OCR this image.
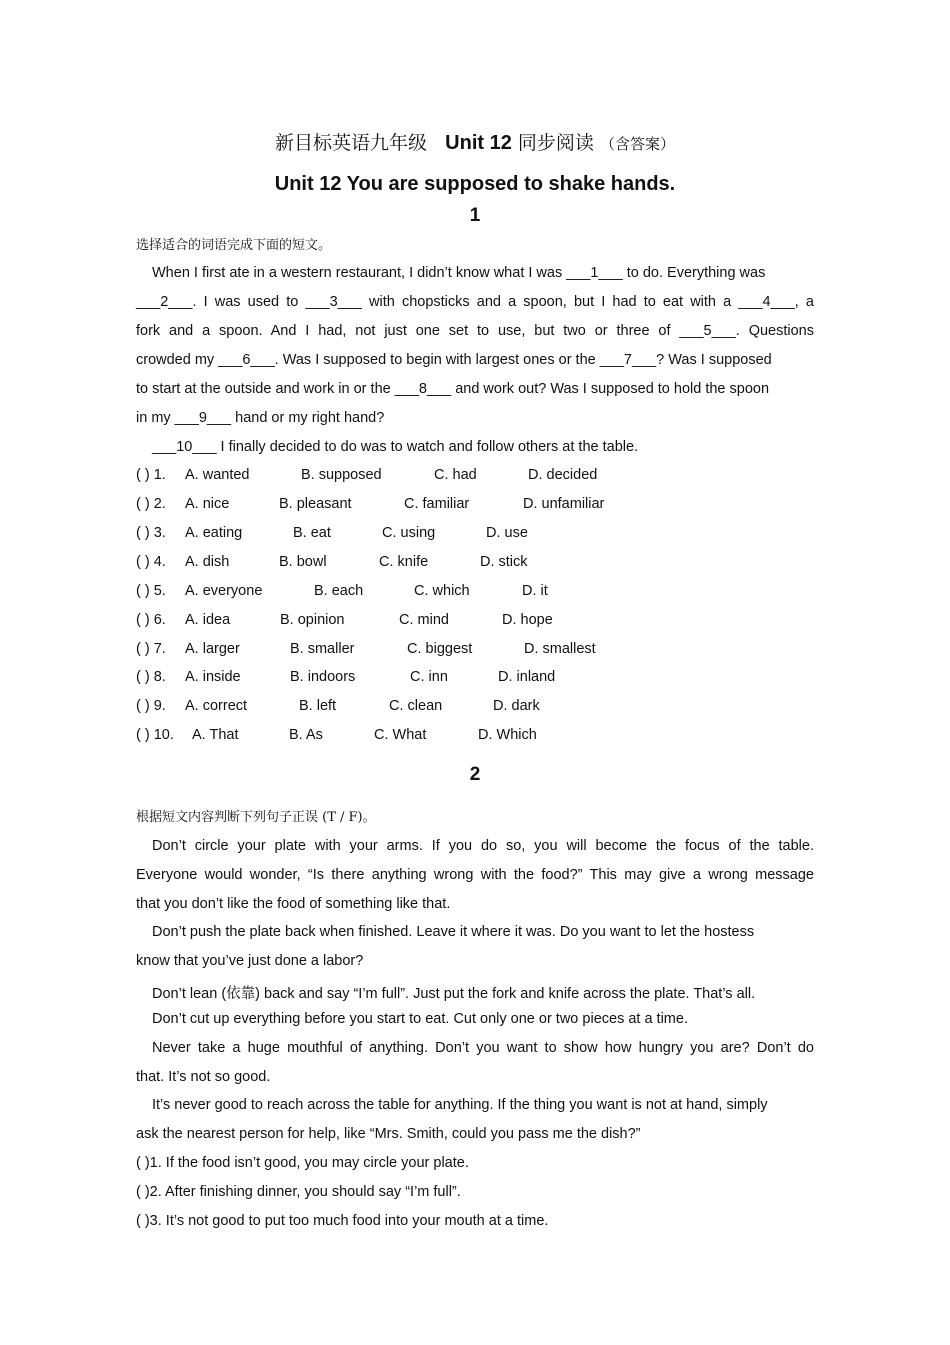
新目标英语九年级 Unit 12 同步阅读 （含答案）
Unit 12 You are supposed to shake hands.
1
选择适合的词语完成下面的短文。
When I first ate in a western restaurant, I didn’t know what I was ___1___ to do. Everything was
___2___. I was used to ___3___ with chopsticks and a spoon, but I had to eat with a ___4___, a
fork and a spoon. And I had, not just one set to use, but two or three of ___5___. Questions
crowded my ___6___. Was I supposed to begin with largest ones or the ___7___? Was I supposed
to start at the outside and work in or the ___8___ and work out? Was I supposed to hold the spoon
in my ___9___ hand or my right hand?
___10___ I finally decided to do was to watch and follow others at the table.
( ) 1. A. wanted	B. supposed	C. had	D. decided
( ) 2. A. nice	B. pleasant	C. familiar	D. unfamiliar
( ) 3. A. eating	B. eat	C. using	D. use
( ) 4. A. dish	B. bowl	C. knife	D. stick
( ) 5. A. everyone	B. each	C. which	D. it
( ) 6. A. idea	B. opinion	C. mind	D. hope
( ) 7. A. larger	B. smaller	C. biggest	D. smallest
( ) 8. A. inside	B. indoors	C. inn	D. inland
( ) 9. A. correct	B. left	C. clean	D. dark
( ) 10. A. That	B. As	C. What	D. Which
2
根据短文内容判断下列句子正误 (T / F)。
Don’t circle your plate with your arms. If you do so, you will become the focus of the table.
Everyone would wonder, “Is there anything wrong with the food?” This may give a wrong message
that you don’t like the food of something like that.
Don’t push the plate back when finished. Leave it where it was. Do you want to let the hostess
know that you’ve just done a labor?
Don’t lean (依靠) back and say “I’m full”. Just put the fork and knife across the plate. That’s all.
Don’t cut up everything before you start to eat. Cut only one or two pieces at a time.
Never take a huge mouthful of anything. Don’t you want to show how hungry you are? Don’t do
that. It’s not so good.
It’s never good to reach across the table for anything. If the thing you want is not at hand, simply
ask the nearest person for help, like “Mrs. Smith, could you pass me the dish?”
( )1. If the food isn’t good, you may circle your plate.
( )2. After finishing dinner, you should say “I’m full”.
( )3. It’s not good to put too much food into your mouth at a time.
